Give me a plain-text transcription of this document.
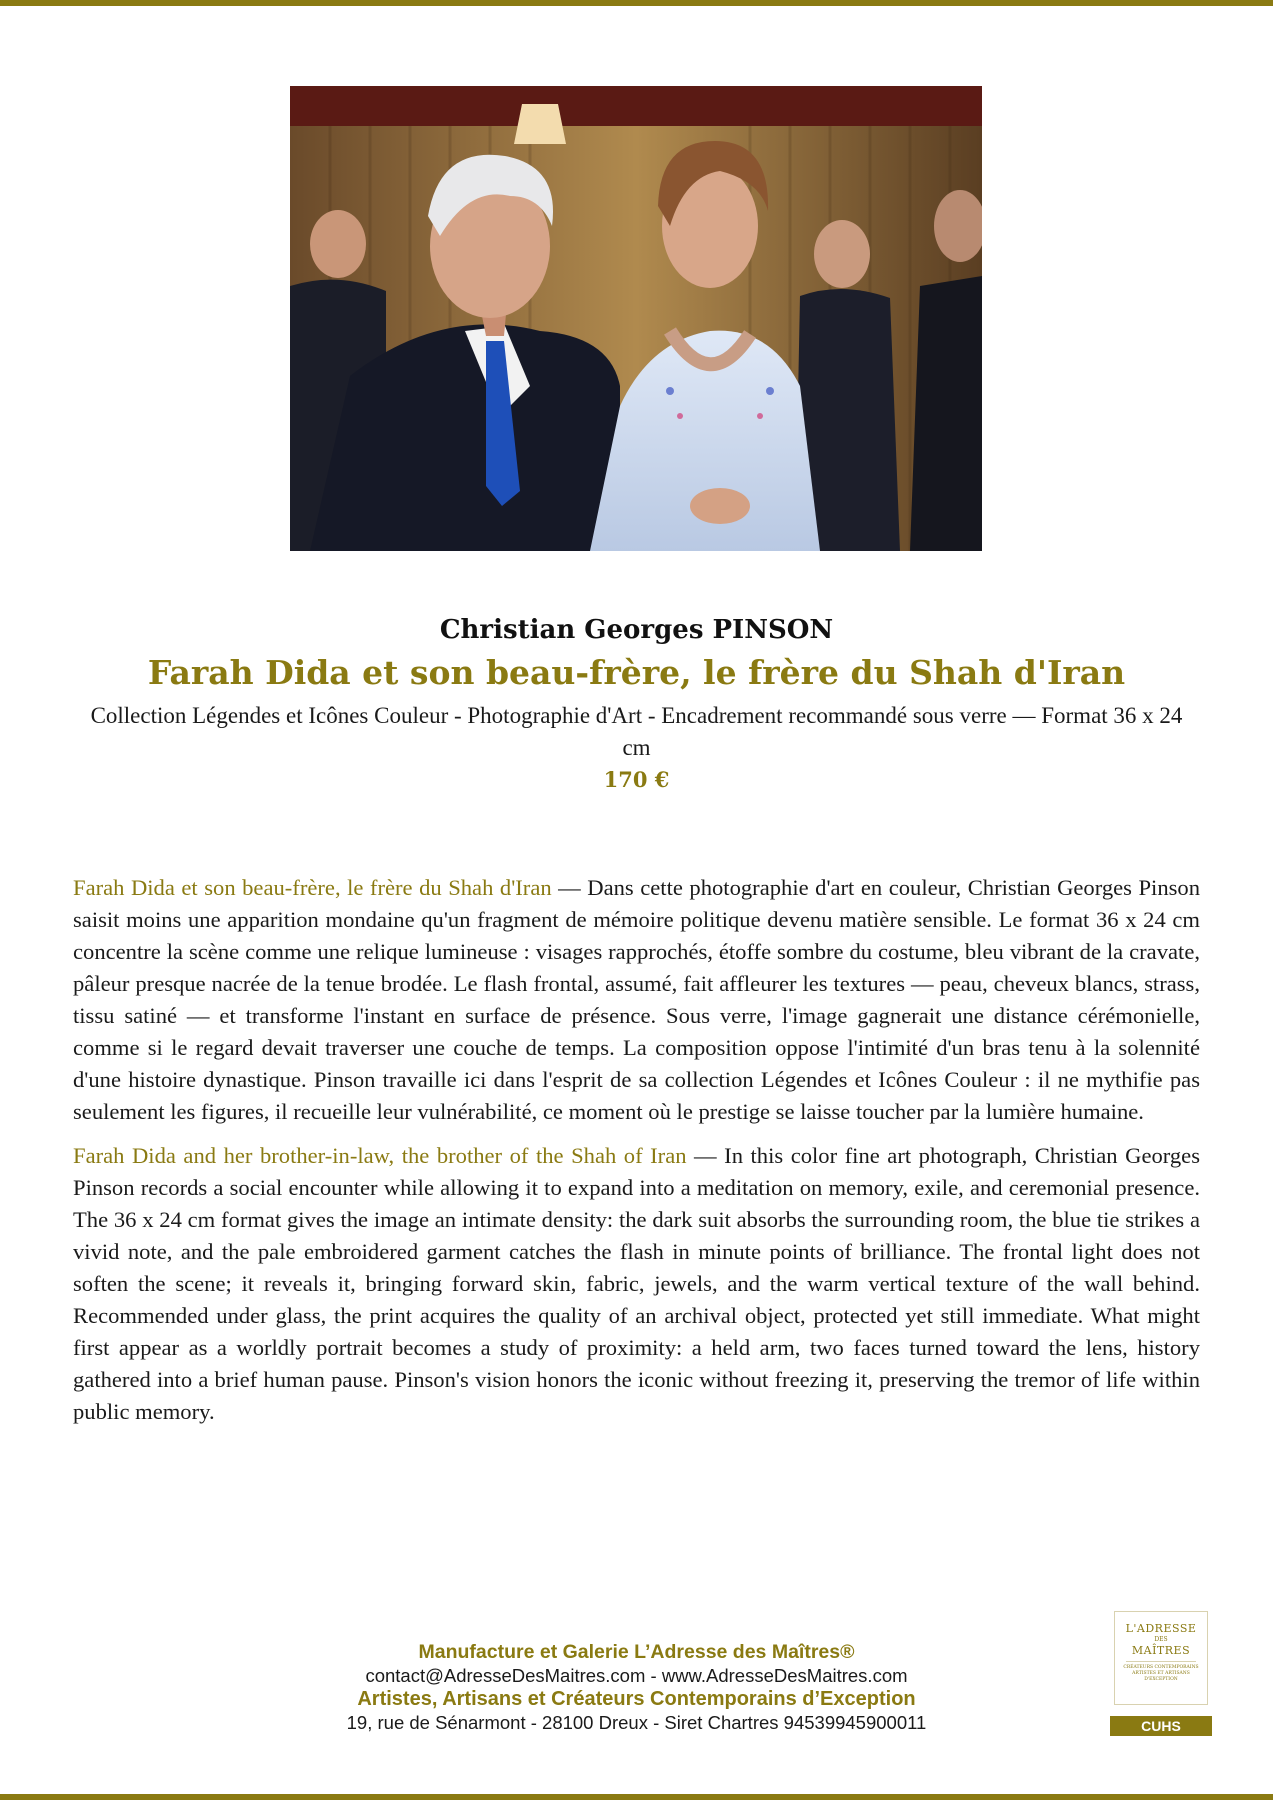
Christian Georges PINSON
Farah Dida et son beau-frère, le frère du Shah d'Iran
Collection Légendes et Icônes Couleur - Photographie d'Art - Encadrement recommandé sous verre — Format 36 x 24 cm
170 €

Farah Dida et son beau-frère, le frère du Shah d'Iran — Dans cette photographie d'art en couleur, Christian Georges Pinson saisit moins une apparition mondaine qu'un fragment de mémoire politique devenu matière sensible. Le format 36 x 24 cm concentre la scène comme une relique lumineuse : visages rapprochés, étoffe sombre du costume, bleu vibrant de la cravate, pâleur presque nacrée de la tenue brodée. Le flash frontal, assumé, fait affleurer les textures — peau, cheveux blancs, strass, tissu satiné — et transforme l'instant en surface de présence. Sous verre, l'image gagnerait une distance cérémonielle, comme si le regard devait traverser une couche de temps. La composition oppose l'intimité d'un bras tenu à la solennité d'une histoire dynastique. Pinson travaille ici dans l'esprit de sa collection Légendes et Icônes Couleur : il ne mythifie pas seulement les figures, il recueille leur vulnérabilité, ce moment où le prestige se laisse toucher par la lumière humaine.

Farah Dida and her brother-in-law, the brother of the Shah of Iran — In this color fine art photograph, Christian Georges Pinson records a social encounter while allowing it to expand into a meditation on memory, exile, and ceremonial presence. The 36 x 24 cm format gives the image an intimate density: the dark suit absorbs the surrounding room, the blue tie strikes a vivid note, and the pale embroidered garment catches the flash in minute points of brilliance. The frontal light does not soften the scene; it reveals it, bringing forward skin, fabric, jewels, and the warm vertical texture of the wall behind. Recommended under glass, the print acquires the quality of an archival object, protected yet still immediate. What might first appear as a worldly portrait becomes a study of proximity: a held arm, two faces turned toward the lens, history gathered into a brief human pause. Pinson's vision honors the iconic without freezing it, preserving the tremor of life within public memory.

Manufacture et Galerie L’Adresse des Maîtres®
contact@AdresseDesMaitres.com - www.AdresseDesMaitres.com
Artistes, Artisans et Créateurs Contemporains d’Exception
19, rue de Sénarmont - 28100 Dreux - Siret Chartres 94539945900011
L'ADRESSE
DES
MAÎTRES
CRÉATEURS CONTEMPORAINS ARTISTES ET ARTISANS D'EXCEPTION
CUHS
